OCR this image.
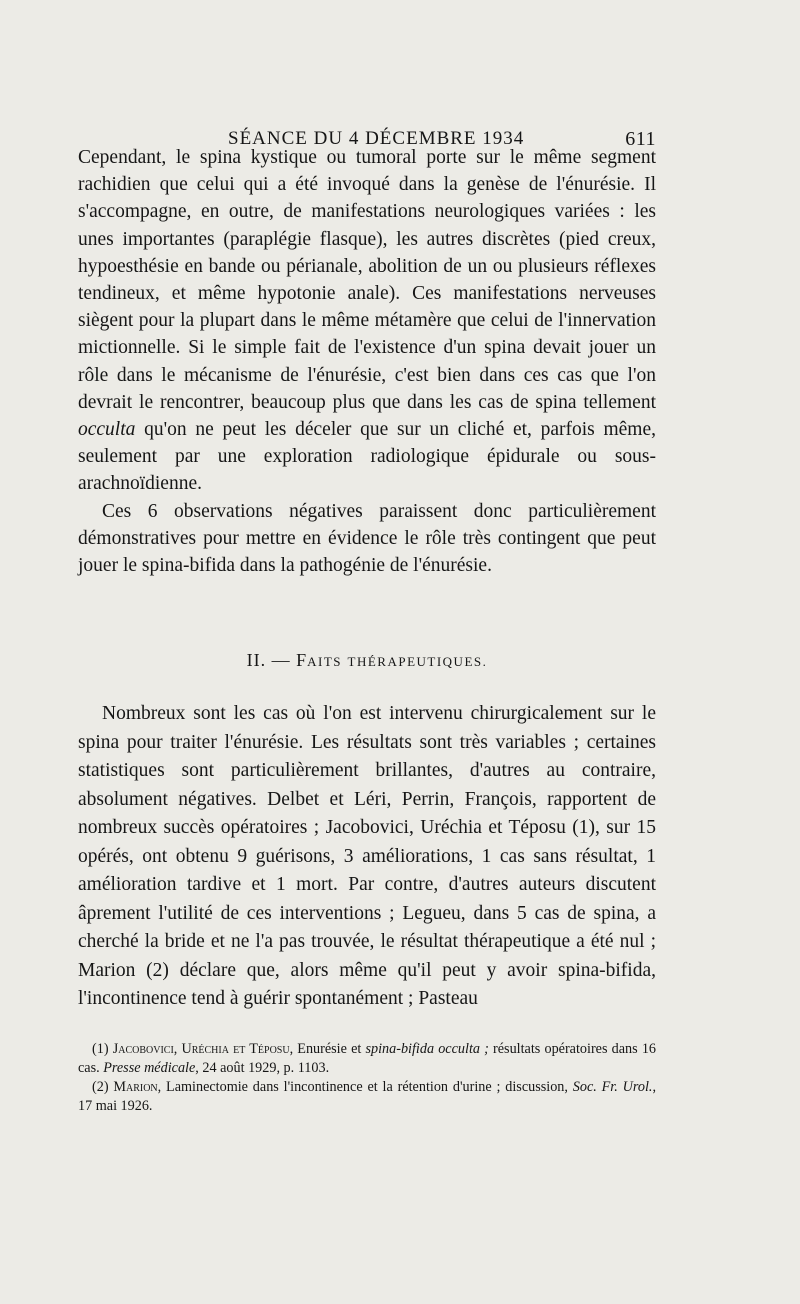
SÉANCE DU 4 DÉCEMBRE 1934	611

Cependant, le spina kystique ou tumoral porte sur le même segment rachidien que celui qui a été invoqué dans la genèse de l'énurésie. Il s'accompagne, en outre, de manifestations neurologiques variées : les unes importantes (paraplégie flasque), les autres discrètes (pied creux, hypoesthésie en bande ou périanale, abolition de un ou plusieurs réflexes tendineux, et même hypotonie anale). Ces manifestations nerveuses siègent pour la plupart dans le même métamère que celui de l'innervation mictionnelle. Si le simple fait de l'existence d'un spina devait jouer un rôle dans le mécanisme de l'énurésie, c'est bien dans ces cas que l'on devrait le rencontrer, beaucoup plus que dans les cas de spina tellement occulta qu'on ne peut les déceler que sur un cliché et, parfois même, seulement par une exploration radiologique épidurale ou sous-arachnoïdienne.

Ces 6 observations négatives paraissent donc particulièrement démonstratives pour mettre en évidence le rôle très contingent que peut jouer le spina-bifida dans la pathogénie de l'énurésie.

II. — FAITS THÉRAPEUTIQUES.

Nombreux sont les cas où l'on est intervenu chirurgicalement sur le spina pour traiter l'énurésie. Les résultats sont très variables ; certaines statistiques sont particulièrement brillantes, d'autres au contraire, absolument négatives. Delbet et Léri, Perrin, François, rapportent de nombreux succès opératoires ; Jacobovici, Uréchia et Téposu (1), sur 15 opérés, ont obtenu 9 guérisons, 3 améliorations, 1 cas sans résultat, 1 amélioration tardive et 1 mort. Par contre, d'autres auteurs discutent âprement l'utilité de ces interventions ; Legueu, dans 5 cas de spina, a cherché la bride et ne l'a pas trouvée, le résultat thérapeutique a été nul ; Marion (2) déclare que, alors même qu'il peut y avoir spina-bifida, l'incontinence tend à guérir spontanément ; Pasteau

(1) Jacobovici, Uréchia et Téposu, Enurésie et spina-bifida occulta ; résultats opératoires dans 16 cas. Presse médicale, 24 août 1929, p. 1103.

(2) Marion, Laminectomie dans l'incontinence et la rétention d'urine ; discussion, Soc. Fr. Urol., 17 mai 1926.
